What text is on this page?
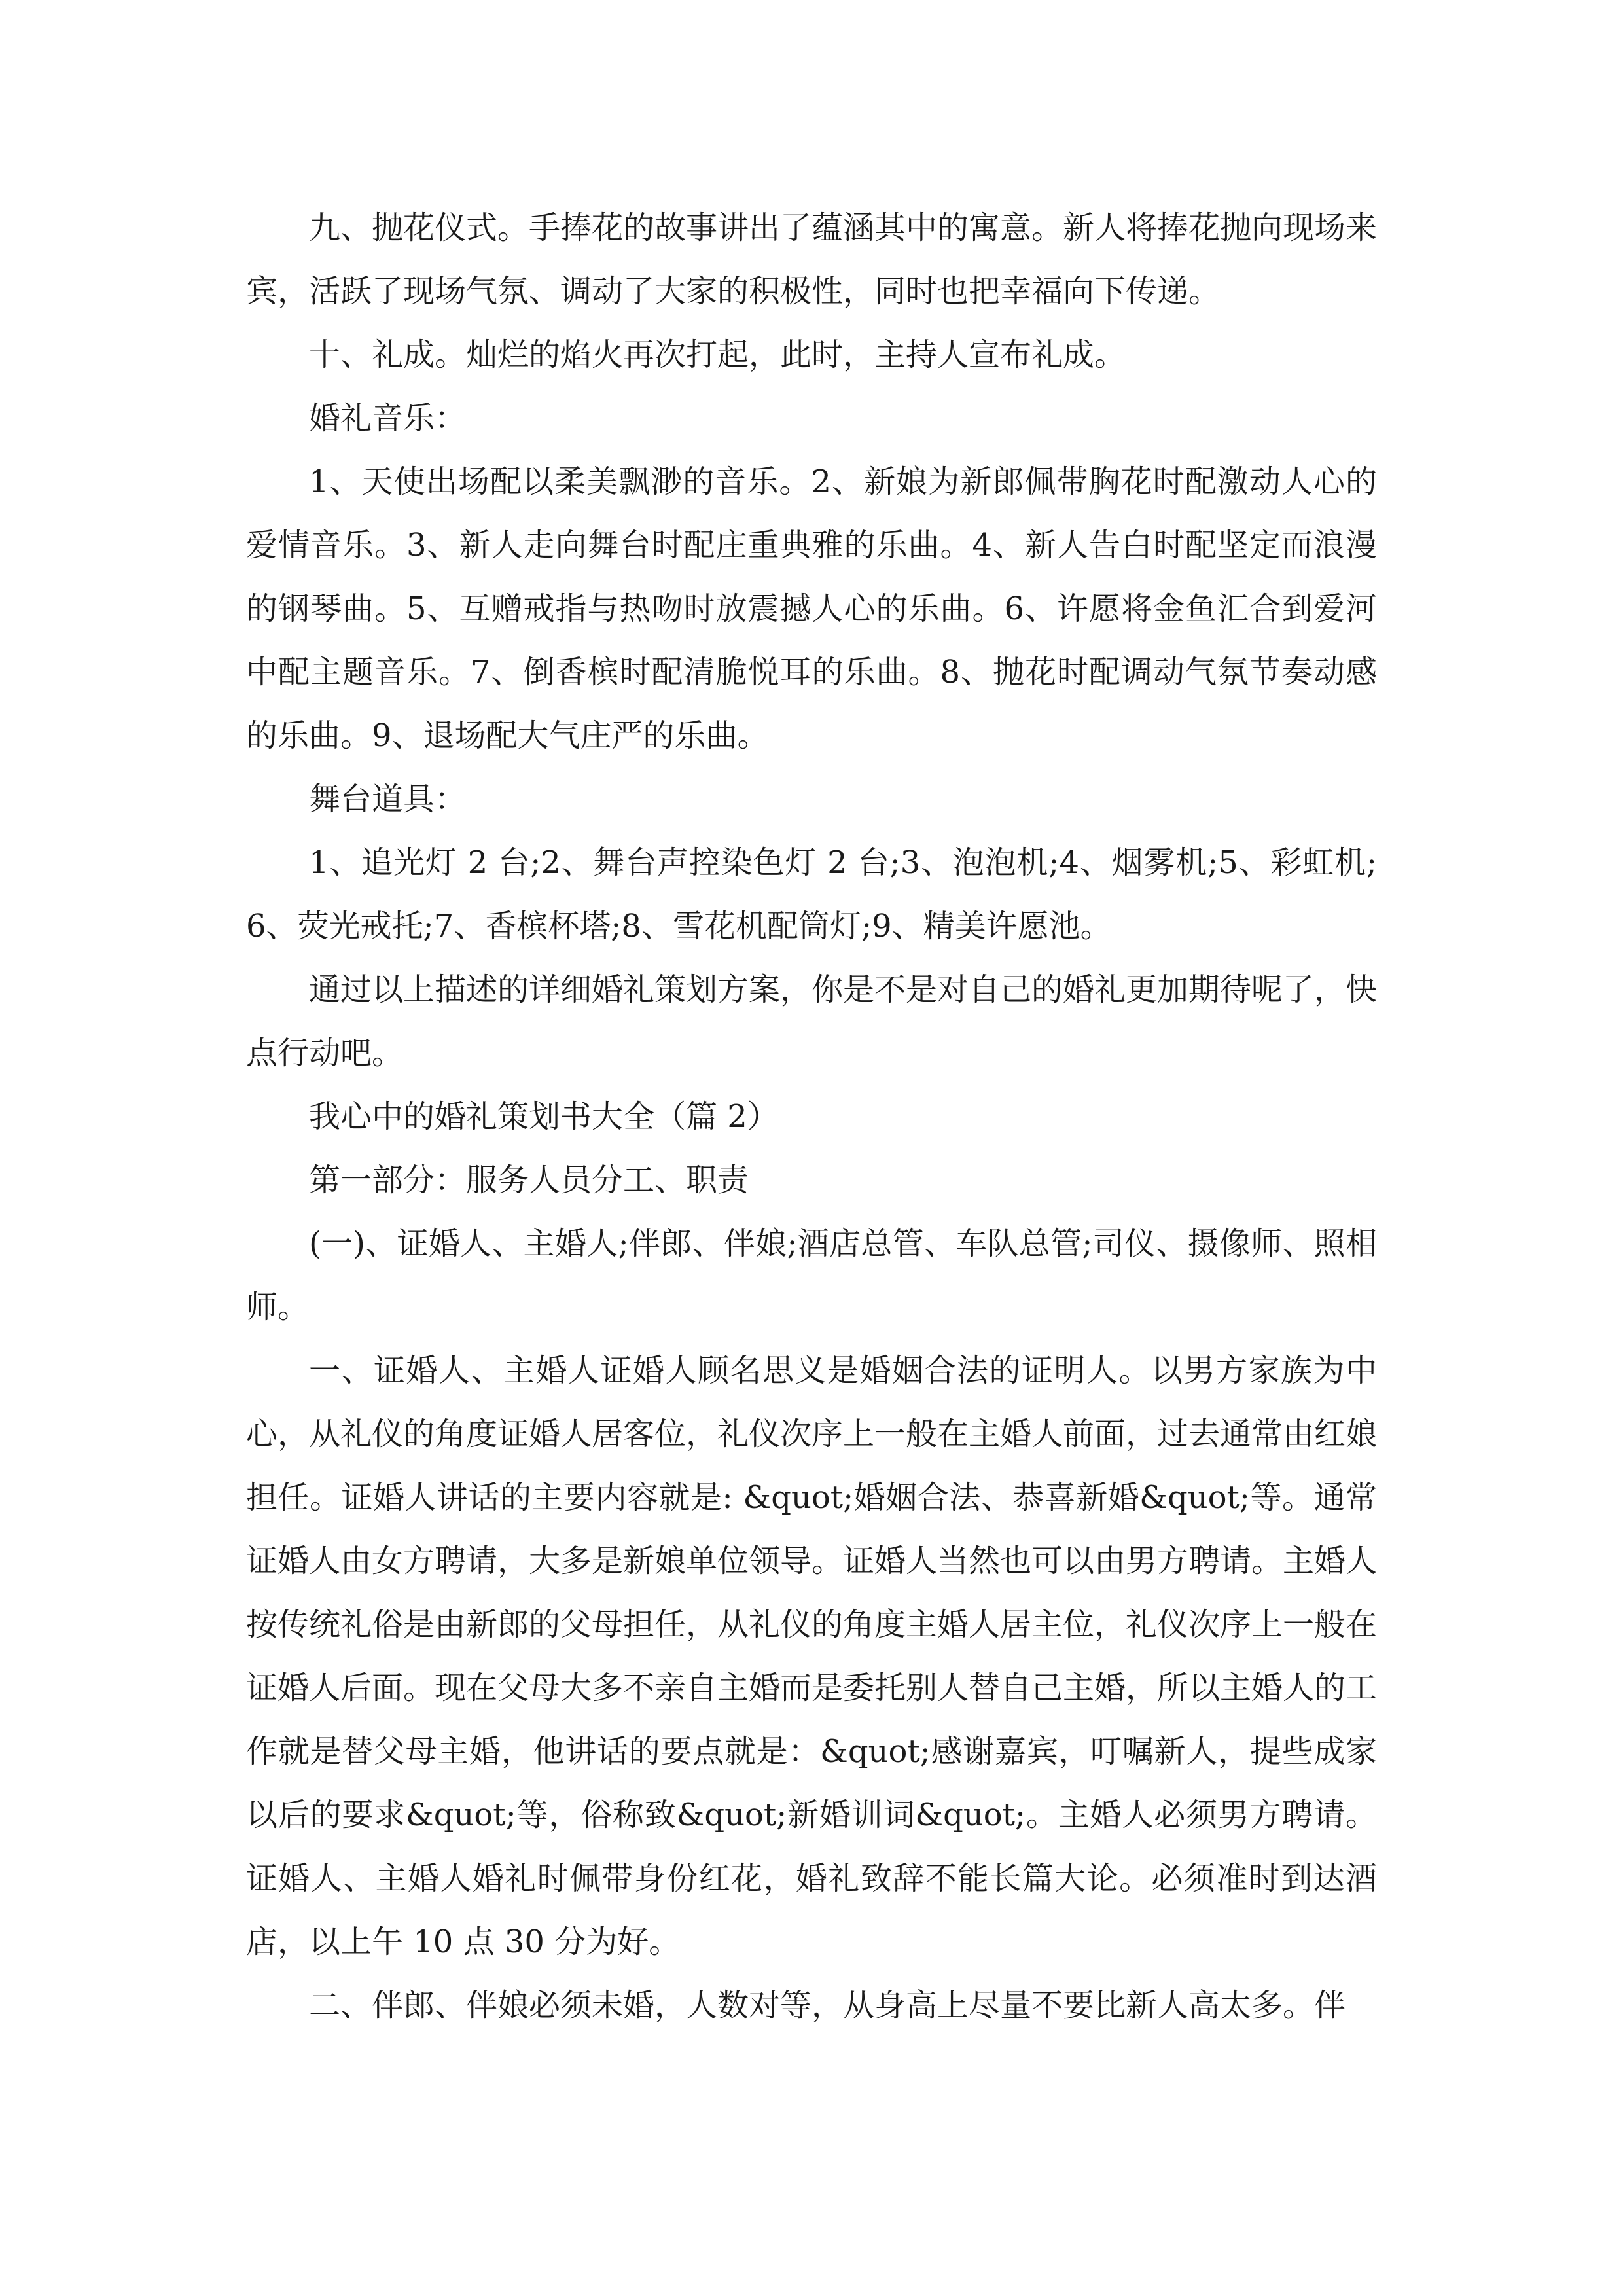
九、抛花仪式。手捧花的故事讲出了蕴涵其中的寓意。新人将捧花抛向现场来宾，活跃了现场气氛、调动了大家的积极性，同时也把幸福向下传递。

十、礼成。灿烂的焰火再次打起，此时，主持人宣布礼成。

婚礼音乐：

1、天使出场配以柔美飘渺的音乐。2、新娘为新郎佩带胸花时配激动人心的爱情音乐。3、新人走向舞台时配庄重典雅的乐曲。4、新人告白时配坚定而浪漫的钢琴曲。5、互赠戒指与热吻时放震撼人心的乐曲。6、许愿将金鱼汇合到爱河中配主题音乐。7、倒香槟时配清脆悦耳的乐曲。8、抛花时配调动气氛节奏动感的乐曲。9、退场配大气庄严的乐曲。

舞台道具：

1、追光灯 2 台;2、舞台声控染色灯 2 台;3、泡泡机;4、烟雾机;5、彩虹机;6、荧光戒托;7、香槟杯塔;8、雪花机配筒灯;9、精美许愿池。

通过以上描述的详细婚礼策划方案，你是不是对自己的婚礼更加期待呢了，快点行动吧。

我心中的婚礼策划书大全（篇 2）

第一部分：服务人员分工、职责

(一)、证婚人、主婚人;伴郎、伴娘;酒店总管、车队总管;司仪、摄像师、照相师。

一、证婚人、主婚人证婚人顾名思义是婚姻合法的证明人。以男方家族为中心，从礼仪的角度证婚人居客位，礼仪次序上一般在主婚人前面，过去通常由红娘担任。证婚人讲话的主要内容就是: &quot;婚姻合法、恭喜新婚&quot;等。通常证婚人由女方聘请，大多是新娘单位领导。证婚人当然也可以由男方聘请。主婚人按传统礼俗是由新郎的父母担任，从礼仪的角度主婚人居主位，礼仪次序上一般在证婚人后面。现在父母大多不亲自主婚而是委托别人替自己主婚，所以主婚人的工作就是替父母主婚，他讲话的要点就是：&quot;感谢嘉宾，叮嘱新人，提些成家以后的要求&quot;等，俗称致&quot;新婚训词&quot;。主婚人必须男方聘请。证婚人、主婚人婚礼时佩带身份红花，婚礼致辞不能长篇大论。必须准时到达酒店，以上午 10 点 30 分为好。

二、伴郎、伴娘必须未婚，人数对等，从身高上尽量不要比新人高太多。伴
